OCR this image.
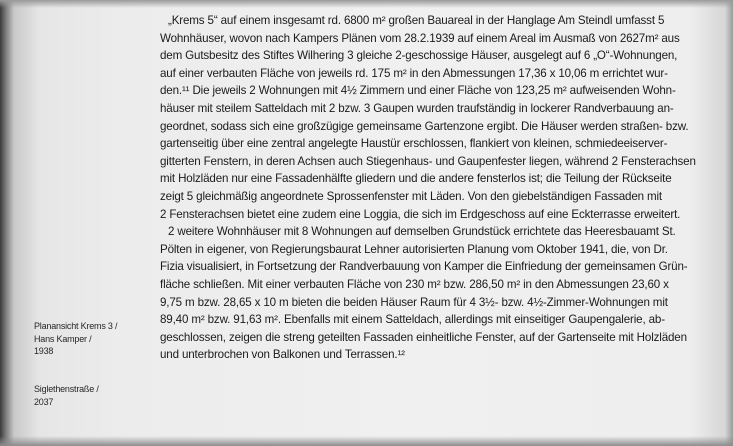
„Krems 5“ auf einem insgesamt rd. 6800 m² großen Bauareal in der Hanglage Am Steindl umfasst 5
Wohnhäuser, wovon nach Kampers Plänen vom 28.2.1939 auf einem Areal im Ausmaß von 2627m² aus
dem Gutsbesitz des Stiftes Wilhering 3 gleiche 2-geschossige Häuser, ausgelegt auf 6 „O“-Wohnungen,
auf einer verbauten Fläche von jeweils rd. 175 m² in den Abmessungen 17,36 x 10,06 m errichtet wur-
den.¹¹ Die jeweils 2 Wohnungen mit 4½ Zimmern und einer Fläche von 123,25 m² aufweisenden Wohn-
häuser mit steilem Satteldach mit 2 bzw. 3 Gaupen wurden traufständig in lockerer Randverbauung an-
geordnet, sodass sich eine großzügige gemeinsame Gartenzone ergibt. Die Häuser werden straßen- bzw.
gartenseitig über eine zentral angelegte Haustür erschlossen, flankiert von kleinen, schmiedeeiserver-
gitterten Fenstern, in deren Achsen auch Stiegenhaus- und Gaupenfester liegen, während 2 Fensterachsen
mit Holzläden nur eine Fassadenhälfte gliedern und die andere fensterlos ist; die Teilung der Rückseite
zeigt 5 gleichmäßig angeordnete Sprossenfenster mit Läden. Von den giebelständigen Fassaden mit
2 Fensterachsen bietet eine zudem eine Loggia, die sich im Erdgeschoss auf eine Eckterrasse erweitert.
2 weitere Wohnhäuser mit 8 Wohnungen auf demselben Grundstück errichtete das Heeresbauamt St.
Pölten in eigener, von Regierungsbaurat Lehner autorisierten Planung vom Oktober 1941, die, von Dr.
Fizia visualisiert, in Fortsetzung der Randverbauung von Kamper die Einfriedung der gemeinsamen Grün-
fläche schließen. Mit einer verbauten Fläche von 230 m² bzw. 286,50 m² in den Abmessungen 23,60 x
9,75 m bzw. 28,65 x 10 m bieten die beiden Häuser Raum für 4 3½- bzw. 4½-Zimmer-Wohnungen mit
89,40 m² bzw. 91,63 m². Ebenfalls mit einem Satteldach, allerdings mit einseitiger Gaupengalerie, ab-
geschlossen, zeigen die streng geteilten Fassaden einheitliche Fenster, auf der Gartenseite mit Holzläden
und unterbrochen von Balkonen und Terrassen.¹²
Planansicht Krems 3 /
Hans Kamper /
1938
Siglethenstraße /
2037
